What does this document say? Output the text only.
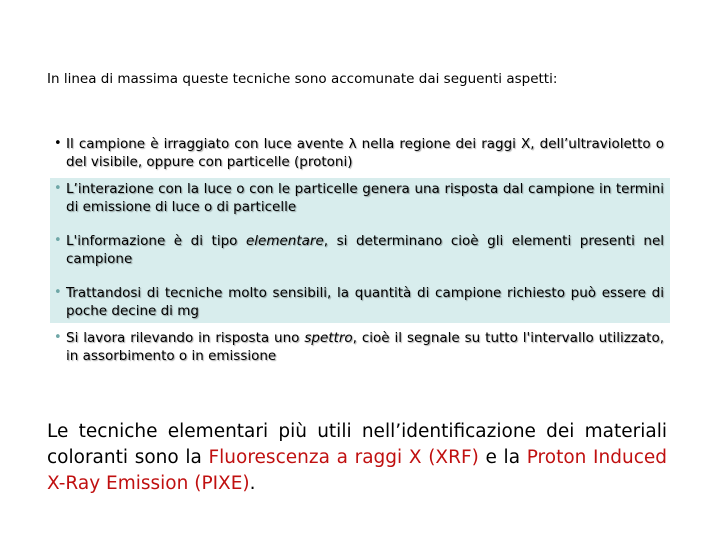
In linea di massima queste tecniche sono accomunate dai seguenti aspetti:
• Il campione è irraggiato con luce avente λ nella regione dei raggi X, dell’ultravioletto o del visibile, oppure con particelle (protoni)
• L’interazione con la luce o con le particelle genera una risposta dal campione in termini di emissione di luce o di particelle
• L'informazione è di tipo elementare, si determinano cioè gli elementi presenti nel campione
• Trattandosi di tecniche molto sensibili, la quantità di campione richiesto può essere di poche decine di mg
• Si lavora rilevando in risposta uno spettro, cioè il segnale su tutto l'intervallo utilizzato, in assorbimento o in emissione
Le tecniche elementari più utili nell’identificazione dei materiali coloranti sono la Fluorescenza a raggi X (XRF) e la Proton Induced X-Ray Emission (PIXE).
